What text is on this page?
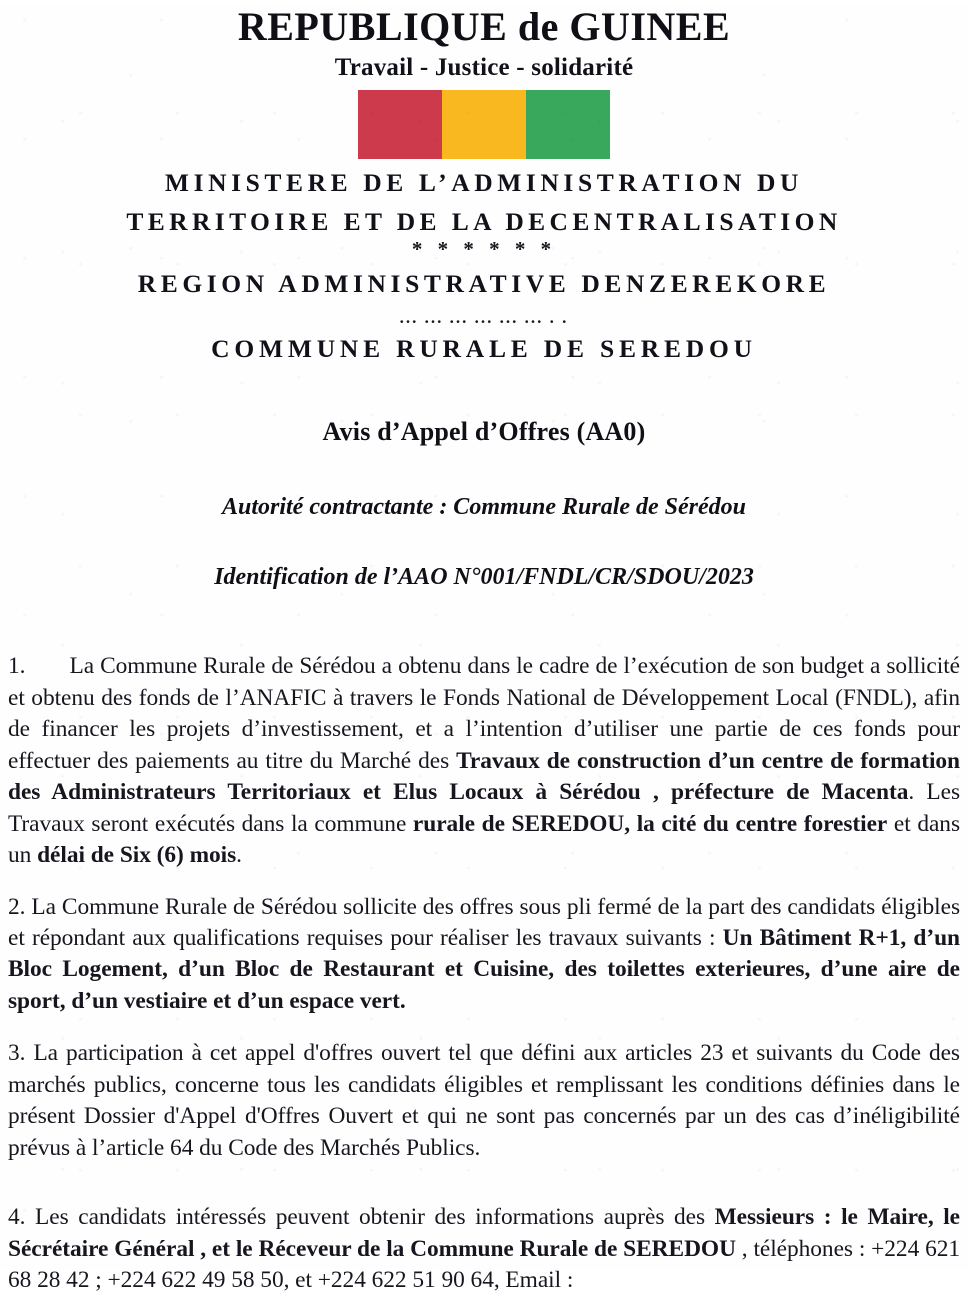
REPUBLIQUE de GUINEE
Travail - Justice - solidarité
MINISTERE DE L’ADMINISTRATION DU
TERRITOIRE ET DE LA DECENTRALISATION
* * * * * *
REGION ADMINISTRATIVE DENZEREKORE
... ... ... ... ... ... . .
COMMUNE RURALE DE SEREDOU
Avis d’Appel d’Offres (AA0)
Autorité contractante : Commune Rurale de Sérédou
Identification de l’AAO N°001/FNDL/CR/SDOU/2023

1. La Commune Rurale de Sérédou a obtenu dans le cadre de l’exécution de son budget a sollicité et obtenu des fonds de l’ANAFIC à travers le Fonds National de Développement Local (FNDL), afin de financer les projets d’investissement, et a l’intention d’utiliser une partie de ces fonds pour effectuer des paiements au titre du Marché des Travaux de construction d’un centre de formation des Administrateurs Territoriaux et Elus Locaux à Sérédou , préfecture de Macenta. Les Travaux seront exécutés dans la commune rurale de SEREDOU, la cité du centre forestier et dans un délai de Six (6) mois.

2. La Commune Rurale de Sérédou sollicite des offres sous pli fermé de la part des candidats éligibles et répondant aux qualifications requises pour réaliser les travaux suivants : Un Bâtiment R+1, d’un Bloc Logement, d’un Bloc de Restaurant et Cuisine, des toilettes exterieures, d’une aire de sport, d’un vestiaire et d’un espace vert.

3. La participation à cet appel d'offres ouvert tel que défini aux articles 23 et suivants du Code des marchés publics, concerne tous les candidats éligibles et remplissant les conditions définies dans le présent Dossier d'Appel d'Offres Ouvert et qui ne sont pas concernés par un des cas d’inéligibilité prévus à l’article 64 du Code des Marchés Publics.

4. Les candidats intéressés peuvent obtenir des informations auprès des Messieurs : le Maire, le Sécrétaire Général , et le Réceveur de la Commune Rurale de SEREDOU , téléphones : +224 621 68 28 42 ; +224 622 49 58 50, et +224 622 51 90 64, Email :
